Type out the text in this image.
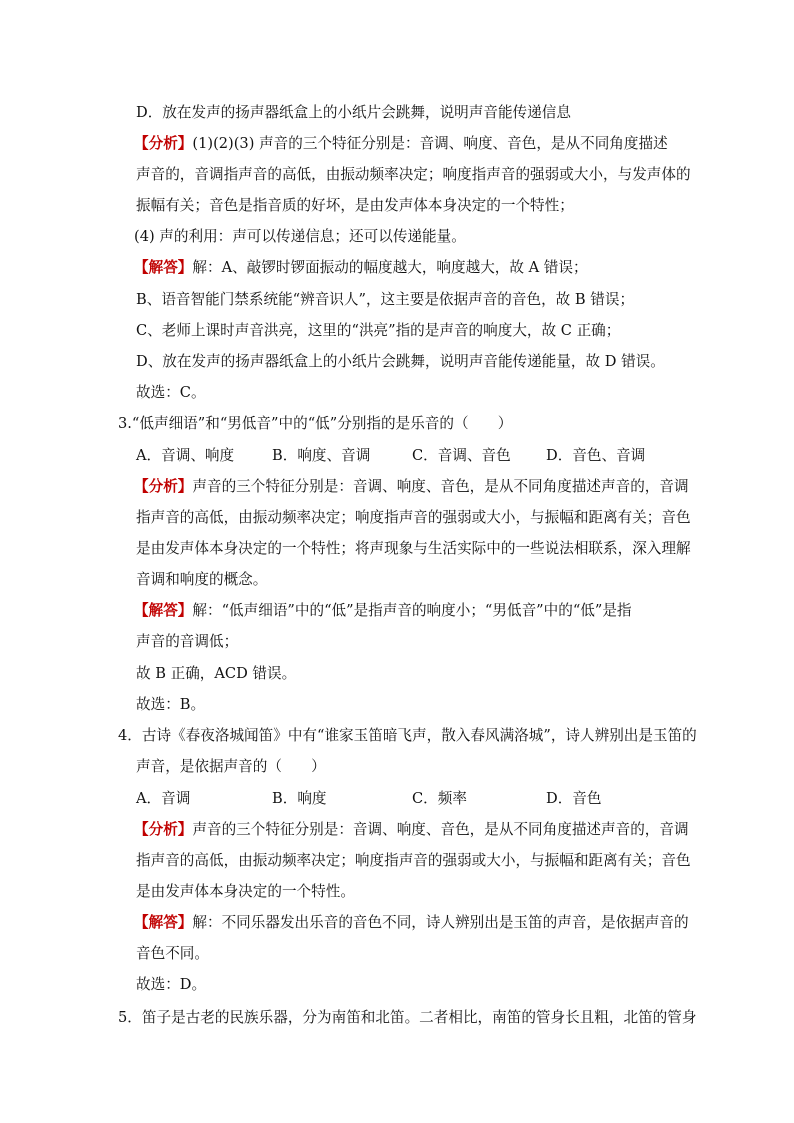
D．放在发声的扬声器纸盒上的小纸片会跳舞，说明声音能传递信息
【分析】(1)(2)(3) 声音的三个特征分别是：音调、响度、音色，是从不同角度描述
声音的，音调指声音的高低，由振动频率决定；响度指声音的强弱或大小，与发声体的
振幅有关；音色是指音质的好坏，是由发声体本身决定的一个特性；
(4) 声的利用：声可以传递信息；还可以传递能量。
【解答】解：A、敲锣时锣面振动的幅度越大，响度越大，故 A 错误；
B、语音智能门禁系统能“辨音识人”，这主要是依据声音的音色，故 B 错误；
C、老师上课时声音洪亮，这里的“洪亮”指的是声音的响度大，故 C 正确；
D、放在发声的扬声器纸盒上的小纸片会跳舞，说明声音能传递能量，故 D 错误。
故选：C。
3.“低声细语”和“男低音”中的“低”分别指的是乐音的（　　）
A．音调、响度	B．响度、音调	C．音调、音色 D．音色、音调
【分析】声音的三个特征分别是：音调、响度、音色，是从不同角度描述声音的，音调
指声音的高低，由振动频率决定；响度指声音的强弱或大小，与振幅和距离有关；音色
是由发声体本身决定的一个特性；将声现象与生活实际中的一些说法相联系，深入理解
音调和响度的概念。
【解答】解：“低声细语”中的“低”是指声音的响度小；“男低音”中的“低”是指
声音的音调低；
故 B 正确，ACD 错误。
故选：B。
4．古诗《春夜洛城闻笛》中有“谁家玉笛暗飞声，散入春风满洛城”，诗人辨别出是玉笛的
声音，是依据声音的（　　）
A．音调	B．响度	C．频率	D．音色
【分析】声音的三个特征分别是：音调、响度、音色，是从不同角度描述声音的，音调
指声音的高低，由振动频率决定；响度指声音的强弱或大小，与振幅和距离有关；音色
是由发声体本身决定的一个特性。
【解答】解：不同乐器发出乐音的音色不同，诗人辨别出是玉笛的声音，是依据声音的
音色不同。
故选：D。
5．笛子是古老的民族乐器，分为南笛和北笛。二者相比，南笛的管身长且粗，北笛的管身
